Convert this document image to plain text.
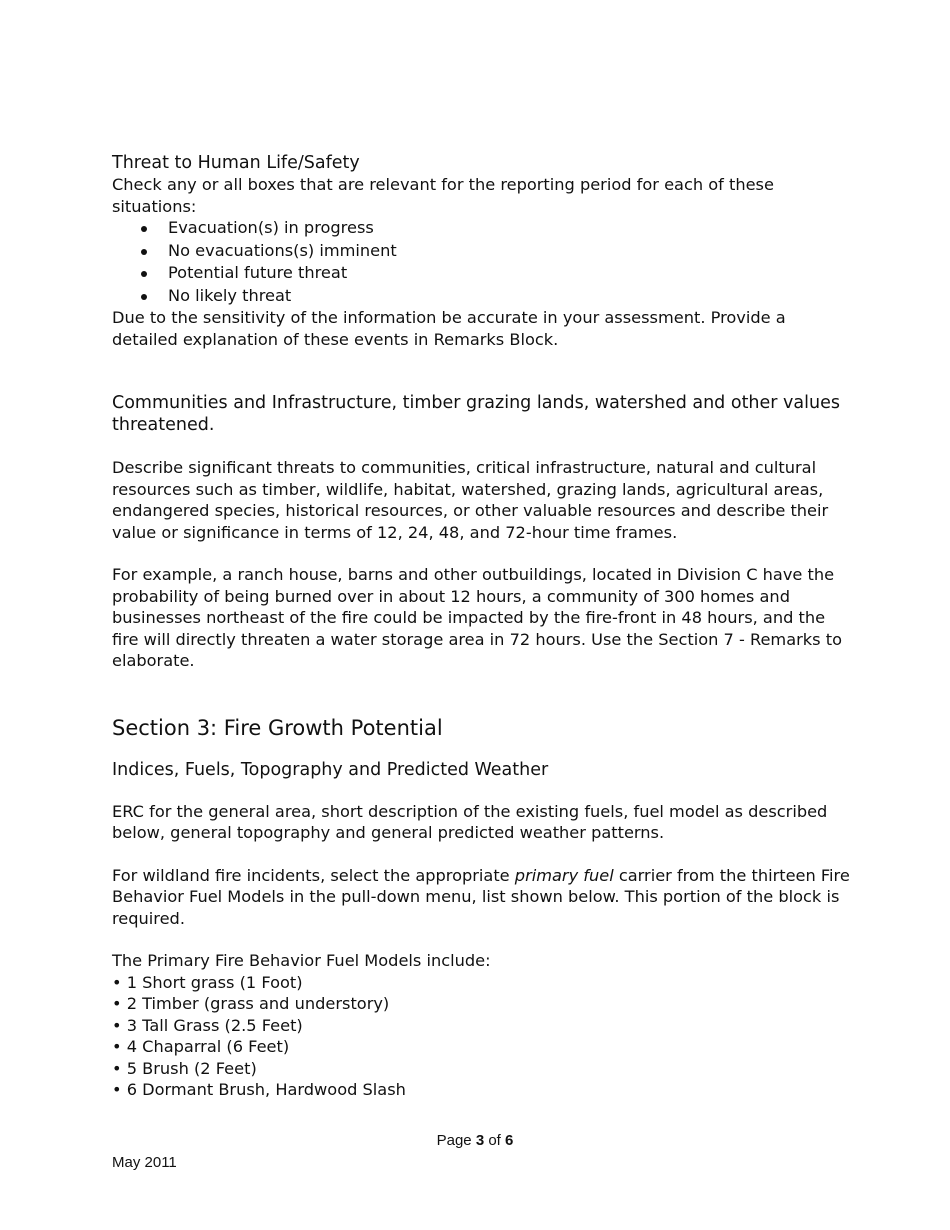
Threat to Human Life/Safety

Check any or all boxes that are relevant for the reporting period for each of these situations:

Evacuation(s) in progress
No evacuations(s) imminent
Potential future threat
No likely threat

Due to the sensitivity of the information be accurate in your assessment. Provide a detailed explanation of these events in Remarks Block.

Communities and Infrastructure, timber grazing lands, watershed and other values threatened.

Describe significant threats to communities, critical infrastructure, natural and cultural resources such as timber, wildlife, habitat, watershed, grazing lands, agricultural areas, endangered species, historical resources, or other valuable resources and describe their value or significance in terms of 12, 24, 48, and 72-hour time frames.

For example, a ranch house, barns and other outbuildings, located in Division C have the probability of being burned over in about 12 hours, a community of 300 homes and businesses northeast of the fire could be impacted by the fire-front in 48 hours, and the fire will directly threaten a water storage area in 72 hours. Use the Section 7 - Remarks to elaborate.

Section 3: Fire Growth Potential

Indices, Fuels, Topography and Predicted Weather

ERC for the general area, short description of the existing fuels, fuel model as described below, general topography and general predicted weather patterns.

For wildland fire incidents, select the appropriate primary fuel carrier from the thirteen Fire Behavior Fuel Models in the pull-down menu, list shown below. This portion of the block is required.

The Primary Fire Behavior Fuel Models include:

• 1 Short grass (1 Foot)
• 2 Timber (grass and understory)
• 3 Tall Grass (2.5 Feet)
• 4 Chaparral (6 Feet)
• 5 Brush (2 Feet)
• 6 Dormant Brush, Hardwood Slash
Page 3 of 6
May 2011
